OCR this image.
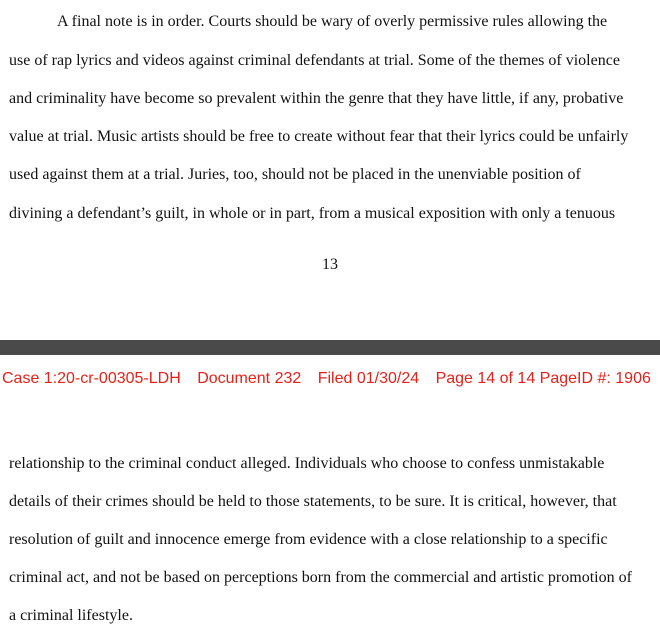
A final note is in order. Courts should be wary of overly permissive rules allowing the
use of rap lyrics and videos against criminal defendants at trial. Some of the themes of violence
and criminality have become so prevalent within the genre that they have little, if any, probative
value at trial. Music artists should be free to create without fear that their lyrics could be unfairly
used against them at a trial. Juries, too, should not be placed in the unenviable position of
divining a defendant’s guilt, in whole or in part, from a musical exposition with only a tenuous
13
Case 1:20-cr-00305-LDH Document 232 Filed 01/30/24 Page 14 of 14 PageID #: 1906
relationship to the criminal conduct alleged. Individuals who choose to confess unmistakable
details of their crimes should be held to those statements, to be sure. It is critical, however, that
resolution of guilt and innocence emerge from evidence with a close relationship to a specific
criminal act, and not be based on perceptions born from the commercial and artistic promotion of
a criminal lifestyle.
